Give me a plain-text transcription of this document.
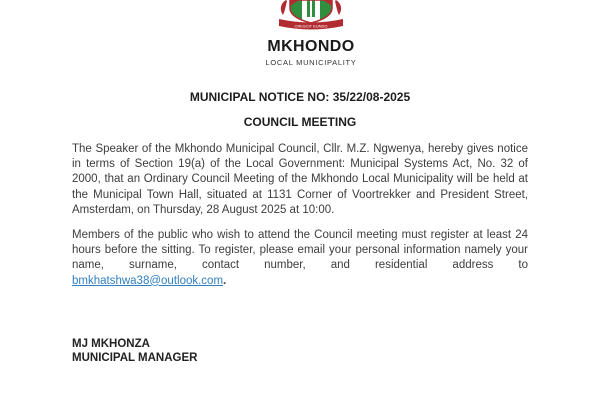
CRESCIT EUNDO
MKHONDO
LOCAL MUNICIPALITY
MUNICIPAL NOTICE NO: 35/22/08-2025
COUNCIL MEETING

The Speaker of the Mkhondo Municipal Council, Cllr. M.Z. Ngwenya, hereby gives notice in terms of Section 19(a) of the Local Government: Municipal Systems Act, No. 32 of 2000, that an Ordinary Council Meeting of the Mkhondo Local Municipality will be held at the Municipal Town Hall, situated at 1131 Corner of Voortrekker and President Street, Amsterdam, on Thursday, 28 August 2025 at 10:00.

Members of the public who wish to attend the Council meeting must register at least 24 hours before the sitting. To register, please email your personal information namely your name, surname, contact number, and residential address to bmkhatshwa38@outlook.com.

MJ MKHONZA
MUNICIPAL MANAGER
